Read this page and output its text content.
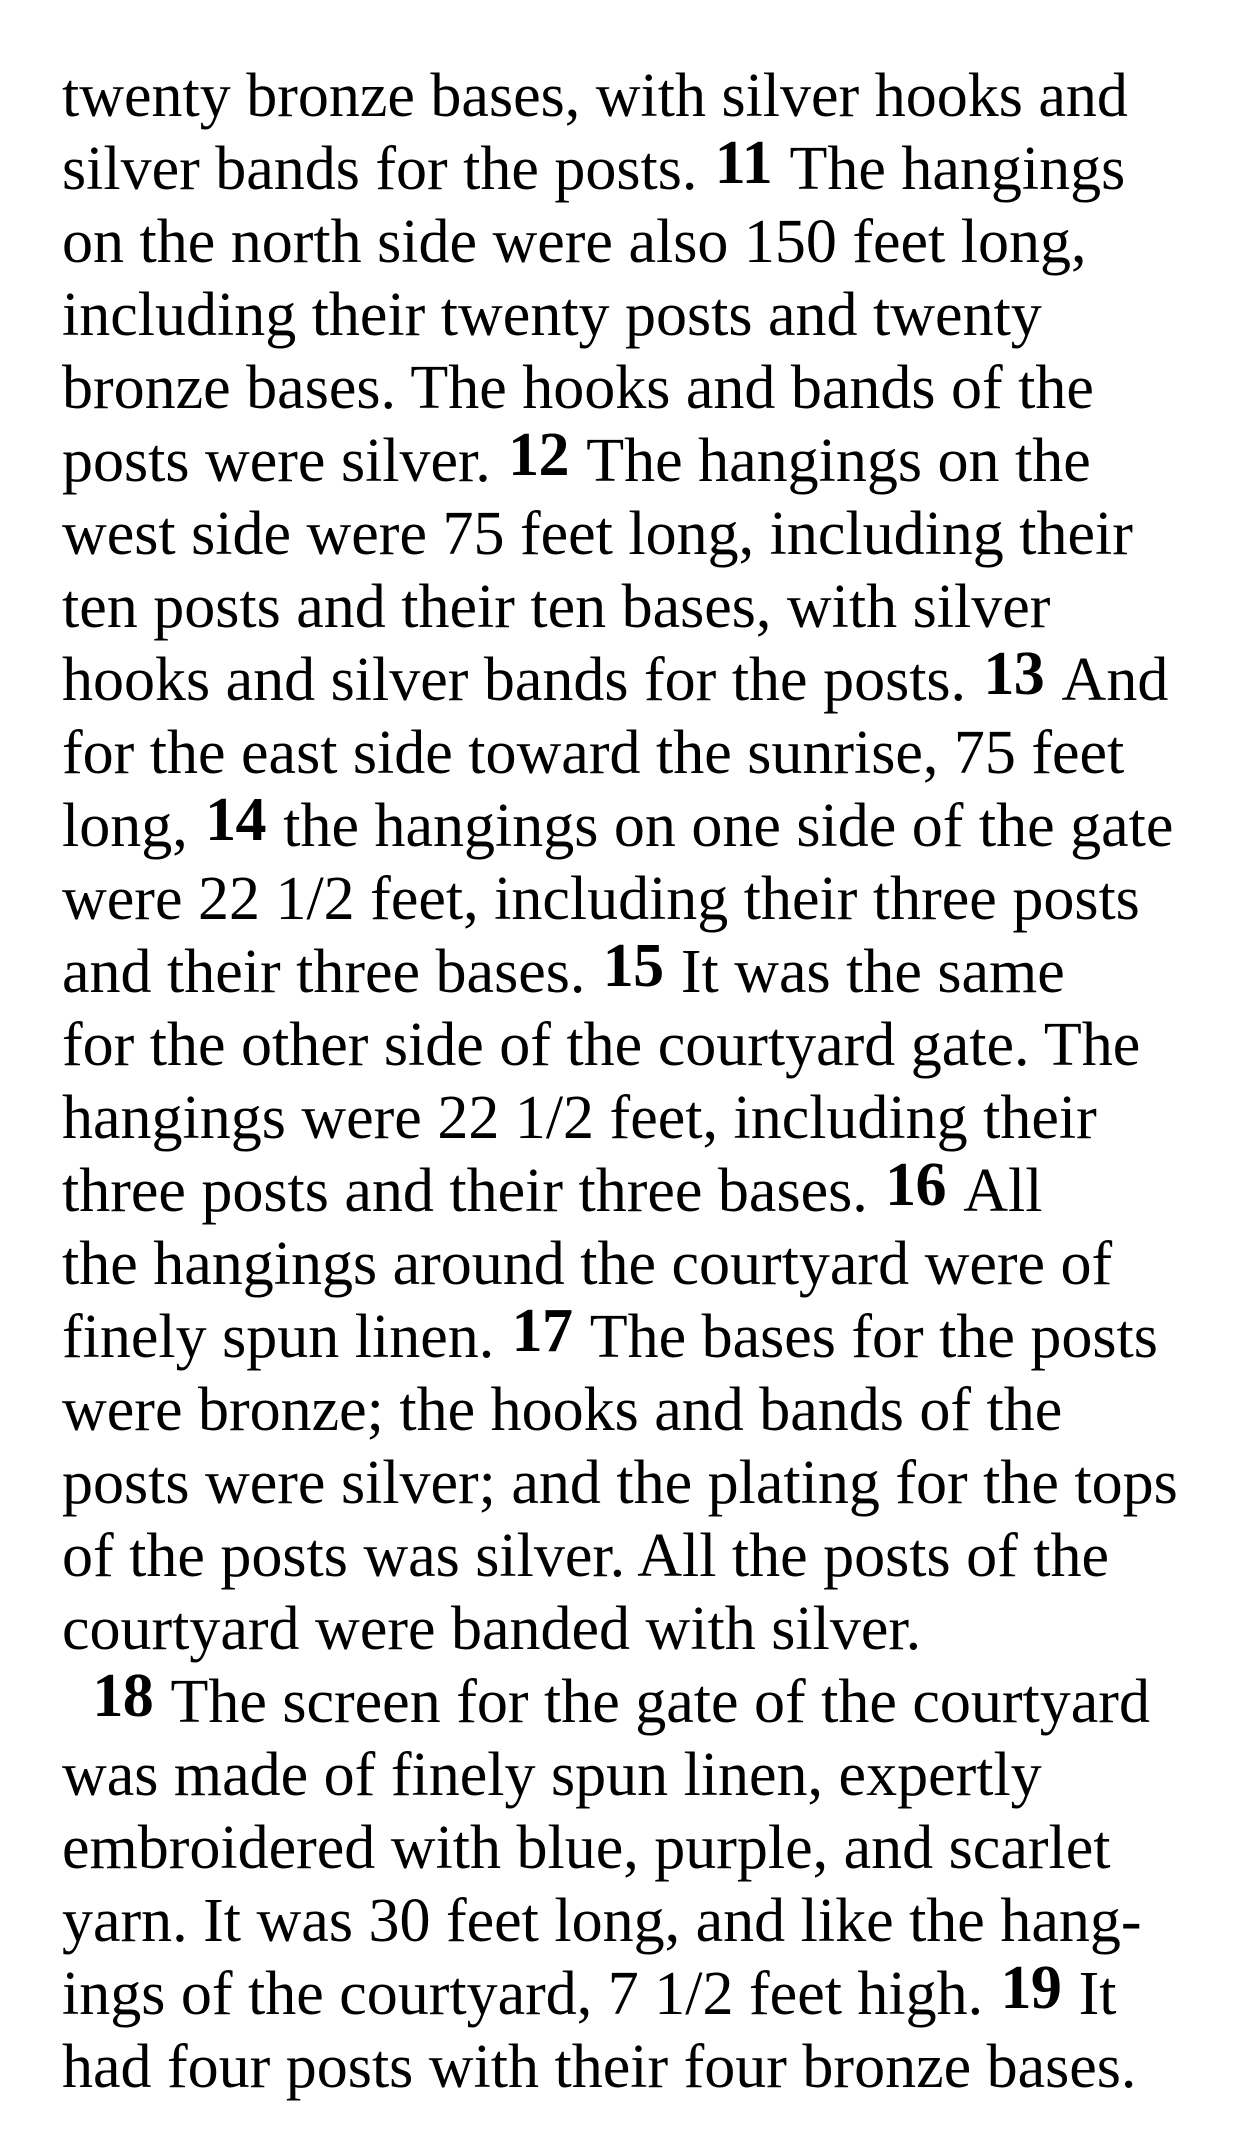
twenty bronze bases, with silver hooks and
silver bands for the posts. 11 The hangings
on the north side were also 150 feet long,
including their twenty posts and twenty
bronze bases. The hooks and bands of the
posts were silver. 12 The hangings on the
west side were 75 feet long, including their
ten posts and their ten bases, with silver
hooks and silver bands for the posts. 13 And
for the east side toward the sunrise, 75 feet
long, 14 the hangings on one side of the gate
were 22 1/2 feet, including their three posts
and their three bases. 15 It was the same
for the other side of the courtyard gate. The
hangings were 22 1/2 feet, including their
three posts and their three bases. 16 All
the hangings around the courtyard were of
finely spun linen. 17 The bases for the posts
were bronze; the hooks and bands of the
posts were silver; and the plating for the tops
of the posts was silver. All the posts of the
courtyard were banded with silver.
18 The screen for the gate of the courtyard
was made of finely spun linen, expertly
embroidered with blue, purple, and scarlet
yarn. It was 30 feet long, and like the hang-
ings of the courtyard, 7 1/2 feet high. 19 It
had four posts with their four bronze bases.
